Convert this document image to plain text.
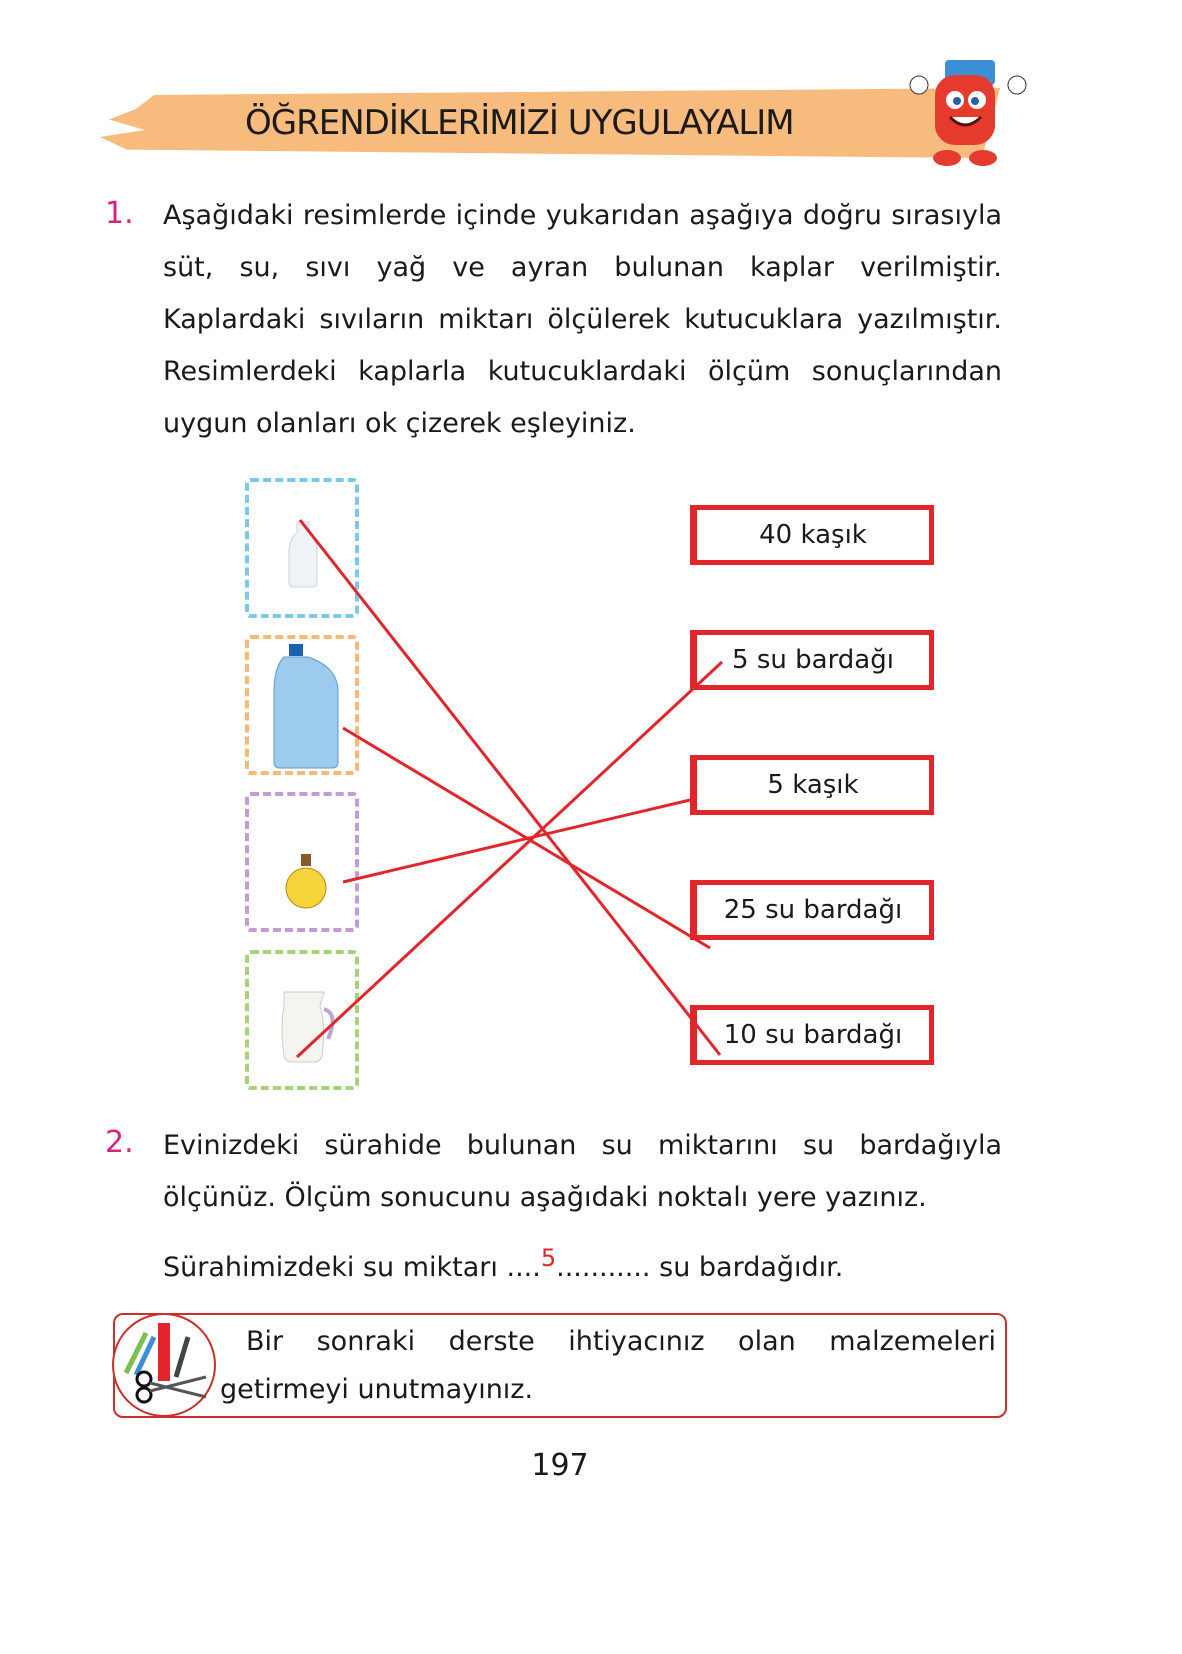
ÖĞRENDİKLERİMİZİ UYGULAYALIM
1. Aşağıdaki resimlerde içinde yukarıdan aşağıya doğru sırasıyla süt, su, sıvı yağ ve ayran bulunan kaplar verilmiştir. Kaplardaki sıvıların miktarı ölçülerek kutucuklara yazılmıştır. Resimlerdeki kaplarla kutucuklardaki ölçüm sonuçlarından uygun olanları ok çizerek eşleyiniz.
40 kaşık
5 su bardağı
5 kaşık
25 su bardağı
10 su bardağı
2. Evinizdeki sürahide bulunan su miktarını su bardağıyla ölçünüz. Ölçüm sonucunu aşağıdaki noktalı yere yazınız.
Sürahimizdeki su miktarı ....5........... su bardağıdır.
Bir sonraki derste ihtiyacınız olan malzemeleri getirmeyi unutmayınız.
197
